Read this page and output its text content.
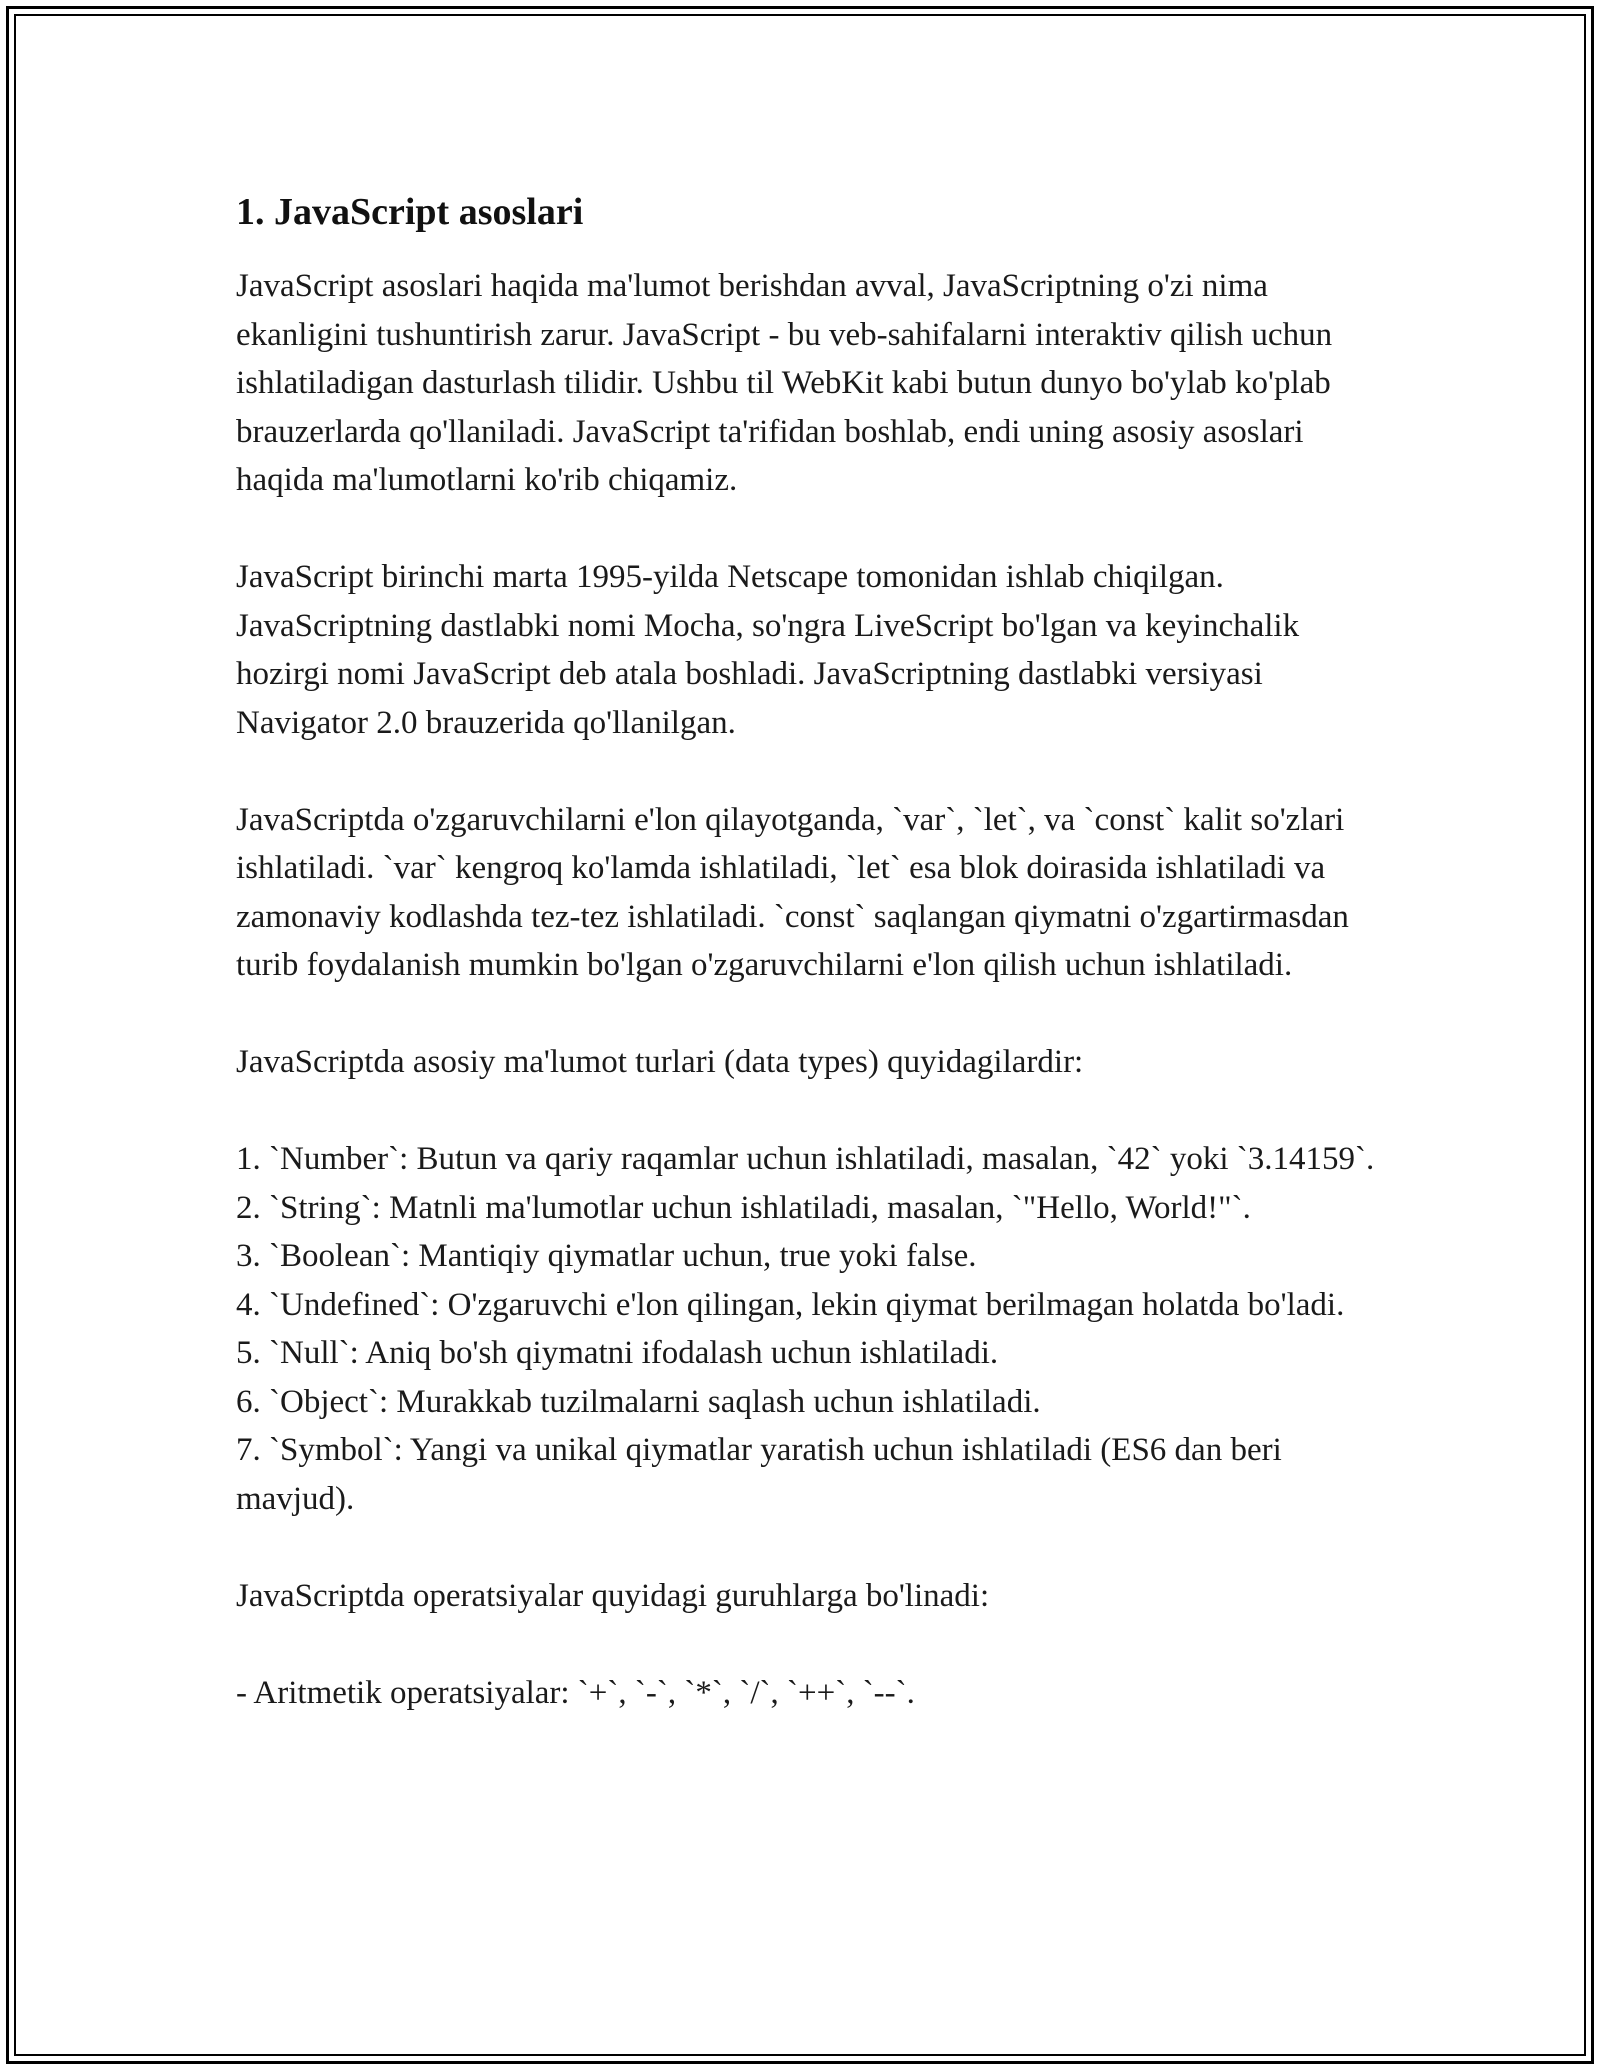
1. JavaScript asoslari

JavaScript asoslari haqida ma'lumot berishdan avval, JavaScriptning o'zi nima ekanligini tushuntirish zarur. JavaScript - bu veb-sahifalarni interaktiv qilish uchun ishlatiladigan dasturlash tilidir. Ushbu til WebKit kabi butun dunyo bo'ylab ko'plab brauzerlarda qo'llaniladi. JavaScript ta'rifidan boshlab, endi uning asosiy asoslari haqida ma'lumotlarni ko'rib chiqamiz.

JavaScript birinchi marta 1995-yilda Netscape tomonidan ishlab chiqilgan. JavaScriptning dastlabki nomi Mocha, so'ngra LiveScript bo'lgan va keyinchalik hozirgi nomi JavaScript deb atala boshladi. JavaScriptning dastlabki versiyasi Navigator 2.0 brauzerida qo'llanilgan.

JavaScriptda o'zgaruvchilarni e'lon qilayotganda, `var`, `let`, va `const` kalit so'zlari ishlatiladi. `var` kengroq ko'lamda ishlatiladi, `let` esa blok doirasida ishlatiladi va zamonaviy kodlashda tez-tez ishlatiladi. `const` saqlangan qiymatni o'zgartirmasdan turib foydalanish mumkin bo'lgan o'zgaruvchilarni e'lon qilish uchun ishlatiladi.

JavaScriptda asosiy ma'lumot turlari (data types) quyidagilardir:

1. `Number`: Butun va qariy raqamlar uchun ishlatiladi, masalan, `42` yoki `3.14159`.
2. `String`: Matnli ma'lumotlar uchun ishlatiladi, masalan, `"Hello, World!"`.
3. `Boolean`: Mantiqiy qiymatlar uchun, true yoki false.
4. `Undefined`: O'zgaruvchi e'lon qilingan, lekin qiymat berilmagan holatda bo'ladi.
5. `Null`: Aniq bo'sh qiymatni ifodalash uchun ishlatiladi.
6. `Object`: Murakkab tuzilmalarni saqlash uchun ishlatiladi.
7. `Symbol`: Yangi va unikal qiymatlar yaratish uchun ishlatiladi (ES6 dan beri mavjud).

JavaScriptda operatsiyalar quyidagi guruhlarga bo'linadi:

- Aritmetik operatsiyalar: `+`, `-`, `*`, `/`, `++`, `--`.
